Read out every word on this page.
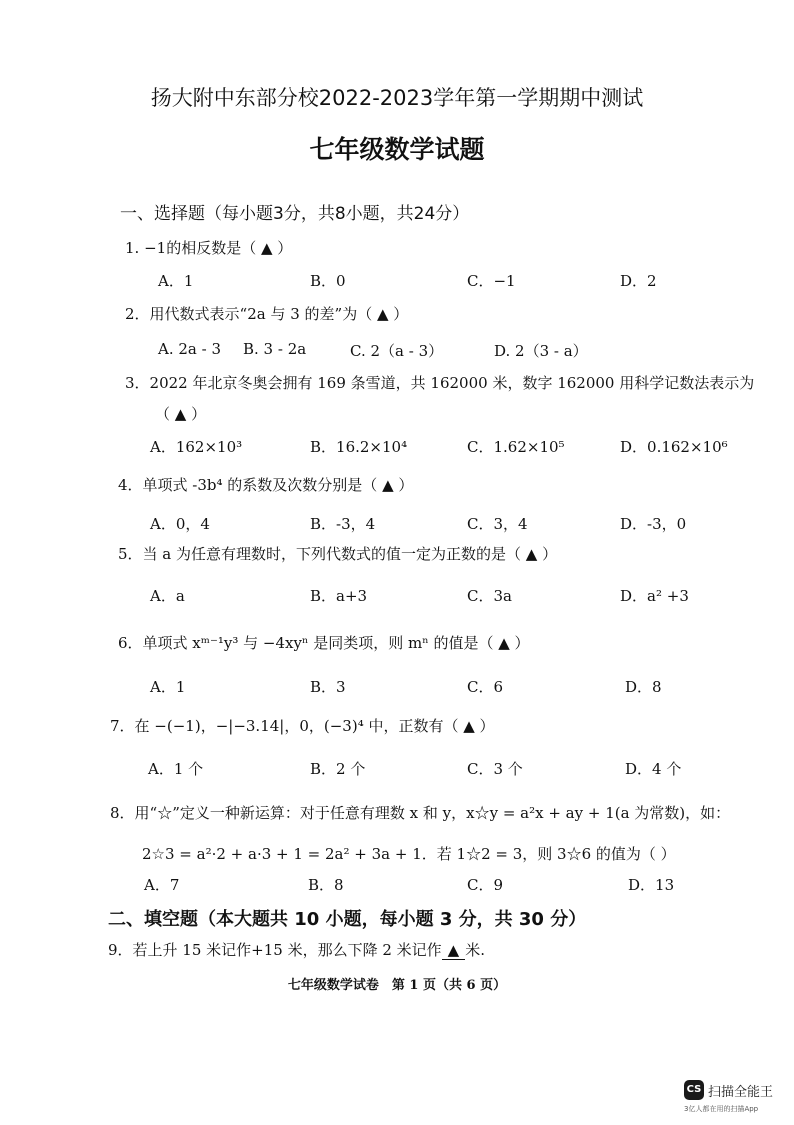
扬大附中东部分校2022-2023学年第一学期期中测试
七年级数学试题
一、选择题（每小题3分，共8小题，共24分）
1. −1的相反数是（ ▲ ）
A．1	B．0	C．−1	D．2
2．用代数式表示“2a 与 3 的差”为（ ▲ ）
A. 2a - 3 B. 3 - 2a	C. 2（a - 3）	D. 2（3 - a）
3．2022 年北京冬奥会拥有 169 条雪道，共 162000 米，数字 162000 用科学记数法表示为
（ ▲ ）
A．162×10³	B．16.2×10⁴	C．1.62×10⁵	D．0.162×10⁶
4．单项式 -3b⁴ 的系数及次数分别是（ ▲ ）
A．0，4	B．-3，4	C．3，4	D．-3，0
5．当 a 为任意有理数时，下列代数式的值一定为正数的是（ ▲ ）
A．a	B．a+3	C．3a	D．a² +3
6．单项式 xᵐ⁻¹y³ 与 −4xyⁿ 是同类项，则 mⁿ 的值是（ ▲ ）
A．1	B．3	C．6	D．8
7．在 −(−1)，−|−3.14|，0，(−3)⁴ 中，正数有（ ▲ ）
A．1 个	B．2 个	C．3 个	D．4 个
8．用“☆”定义一种新运算：对于任意有理数 x 和 y，x☆y = a²x + ay + 1(a 为常数)，如：
2☆3 = a²·2 + a·3 + 1 = 2a² + 3a + 1．若 1☆2 = 3，则 3☆6 的值为（ ）
A．7	B．8	C．9	D．13
二、填空题（本大题共 10 小题，每小题 3 分，共 30 分）
9．若上升 15 米记作+15 米，那么下降 2 米记作 ▲ 米.
七年级数学试卷　第 1 页（共 6 页）
CS 扫描全能王
3亿人都在用的扫描App
